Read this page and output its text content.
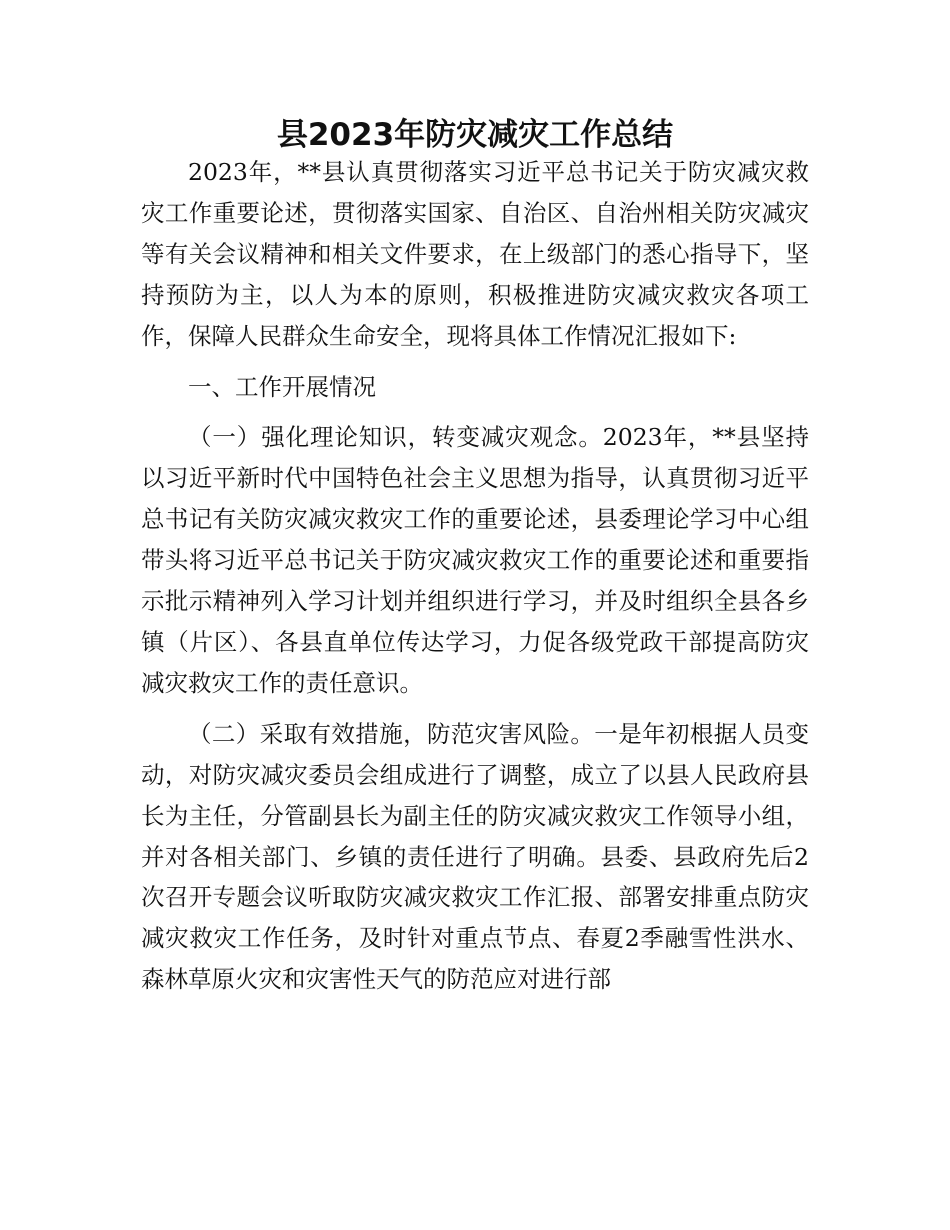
县2023年防灾减灾工作总结

2023年，**县认真贯彻落实习近平总书记关于防灾减灾救灾工作重要论述，贯彻落实国家、自治区、自治州相关防灾减灾等有关会议精神和相关文件要求，在上级部门的悉心指导下，坚持预防为主，以人为本的原则，积极推进防灾减灾救灾各项工作，保障人民群众生命安全，现将具体工作情况汇报如下:

一、工作开展情况

（一）强化理论知识，转变减灾观念。2023年，**县坚持以习近平新时代中国特色社会主义思想为指导，认真贯彻习近平总书记有关防灾减灾救灾工作的重要论述，县委理论学习中心组带头将习近平总书记关于防灾减灾救灾工作的重要论述和重要指示批示精神列入学习计划并组织进行学习，并及时组织全县各乡镇（片区）、各县直单位传达学习，力促各级党政干部提高防灾减灾救灾工作的责任意识。

（二）采取有效措施，防范灾害风险。一是年初根据人员变动，对防灾减灾委员会组成进行了调整，成立了以县人民政府县长为主任，分管副县长为副主任的防灾减灾救灾工作领导小组，并对各相关部门、乡镇的责任进行了明确。县委、县政府先后2次召开专题会议听取防灾减灾救灾工作汇报、部署安排重点防灾减灾救灾工作任务，及时针对重点节点、春夏2季融雪性洪水、森林草原火灾和灾害性天气的防范应对进行部
